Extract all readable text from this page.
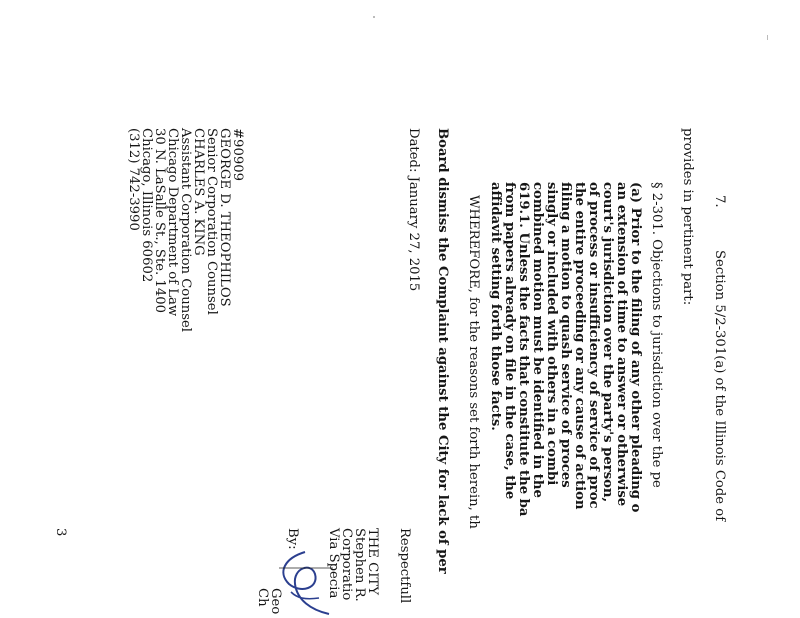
7.
Section 5/2-301(a) of the Illinois Code of
provides in pertinent part:
§ 2-301. Objections to jurisdiction over the pe
(a) Prior to the filing of any other pleading o
an extension of time to answer or otherwise
court's jurisdiction over the party's person,
of process or insufficiency of service of proc
the entire proceeding or any cause of action
filing a motion to quash service of proces
singly or included with others in a combi
combined motion must be identified in the
619.1. Unless the facts that constitute the ba
from papers already on file in the case, the
affidavit setting forth those facts.
WHEREFORE, for the reasons set forth herein, th
Board dismiss the Complaint against the City for lack of per
Dated: January 27, 2015
Respectfull
THE CITY
Stephen R.
Corporatio
Via Specia
By:
Geo
Ch
#90909
GEORGE D. THEOPHILOS
Senior Corporation Counsel
CHARLES A. KING
Assistant Corporation Counsel
Chicago Department of Law
30 N. LaSalle St., Ste. 1400
Chicago, Illinois 60602
(312) 742-3990
3
